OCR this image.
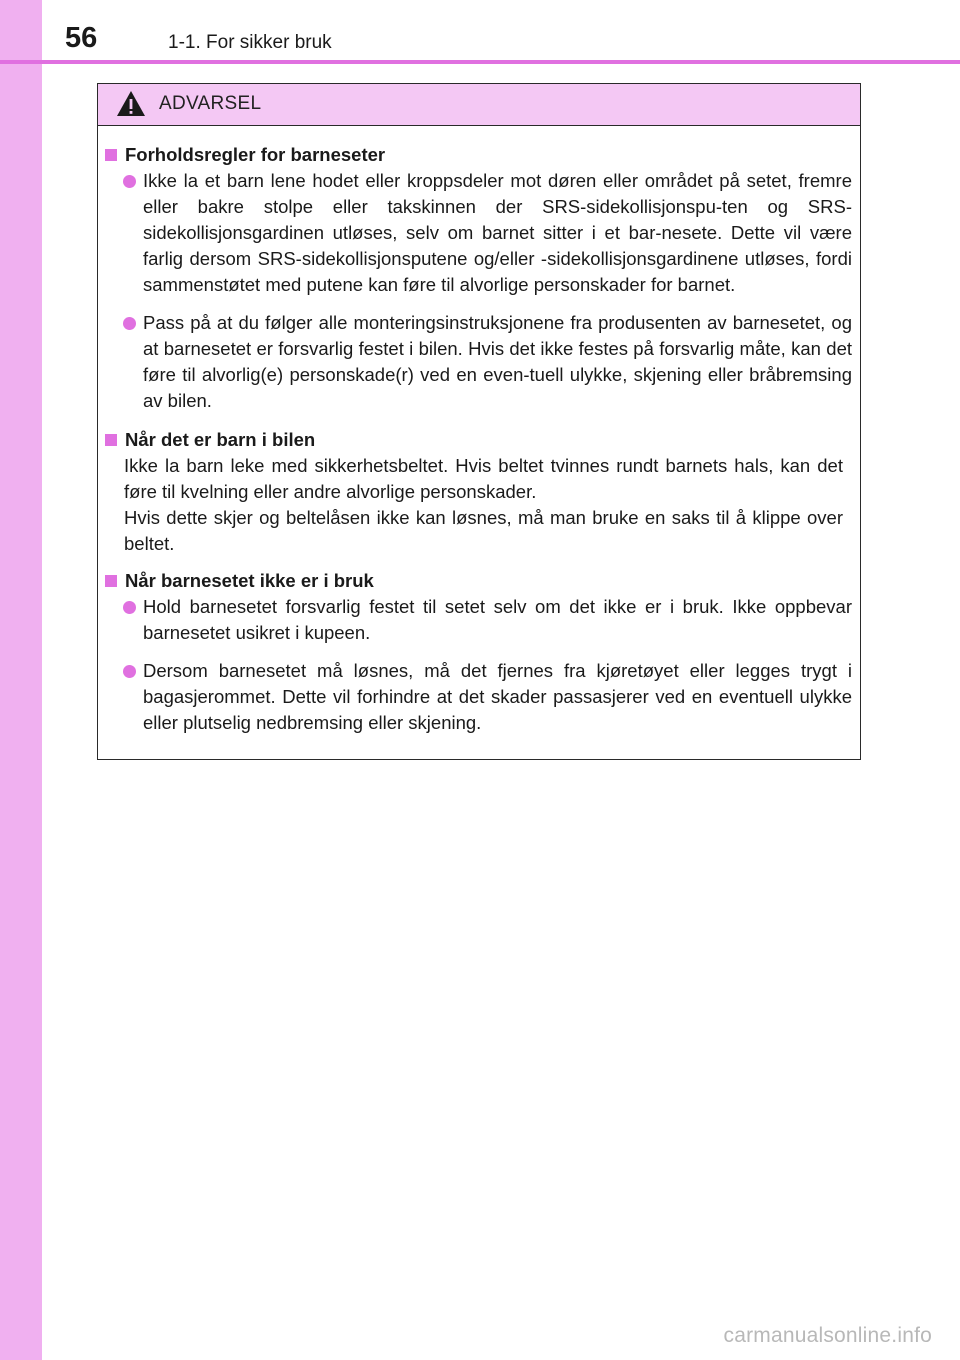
56	1-1. For sikker bruk
ADVARSEL
Forholdsregler for barneseter
Ikke la et barn lene hodet eller kroppsdeler mot døren eller området på setet, fremre eller bakre stolpe eller takskinnen der SRS-sidekollisjonspu-ten og SRS-sidekollisjonsgardinen utløses, selv om barnet sitter i et bar-nesete. Dette vil være farlig dersom SRS-sidekollisjonsputene og/eller -sidekollisjonsgardinene utløses, fordi sammenstøtet med putene kan føre til alvorlige personskader for barnet.
Pass på at du følger alle monteringsinstruksjonene fra produsenten av barnesetet, og at barnesetet er forsvarlig festet i bilen. Hvis det ikke festes på forsvarlig måte, kan det føre til alvorlig(e) personskade(r) ved en even-tuell ulykke, skjening eller bråbremsing av bilen.
Når det er barn i bilen
Ikke la barn leke med sikkerhetsbeltet. Hvis beltet tvinnes rundt barnets hals, kan det føre til kvelning eller andre alvorlige personskader.
Hvis dette skjer og beltelåsen ikke kan løsnes, må man bruke en saks til å klippe over beltet.
Når barnesetet ikke er i bruk
Hold barnesetet forsvarlig festet til setet selv om det ikke er i bruk. Ikke oppbevar barnesetet usikret i kupeen.
Dersom barnesetet må løsnes, må det fjernes fra kjøretøyet eller legges trygt i bagasjerommet. Dette vil forhindre at det skader passasjerer ved en eventuell ulykke eller plutselig nedbremsing eller skjening.
carmanualsonline.info
